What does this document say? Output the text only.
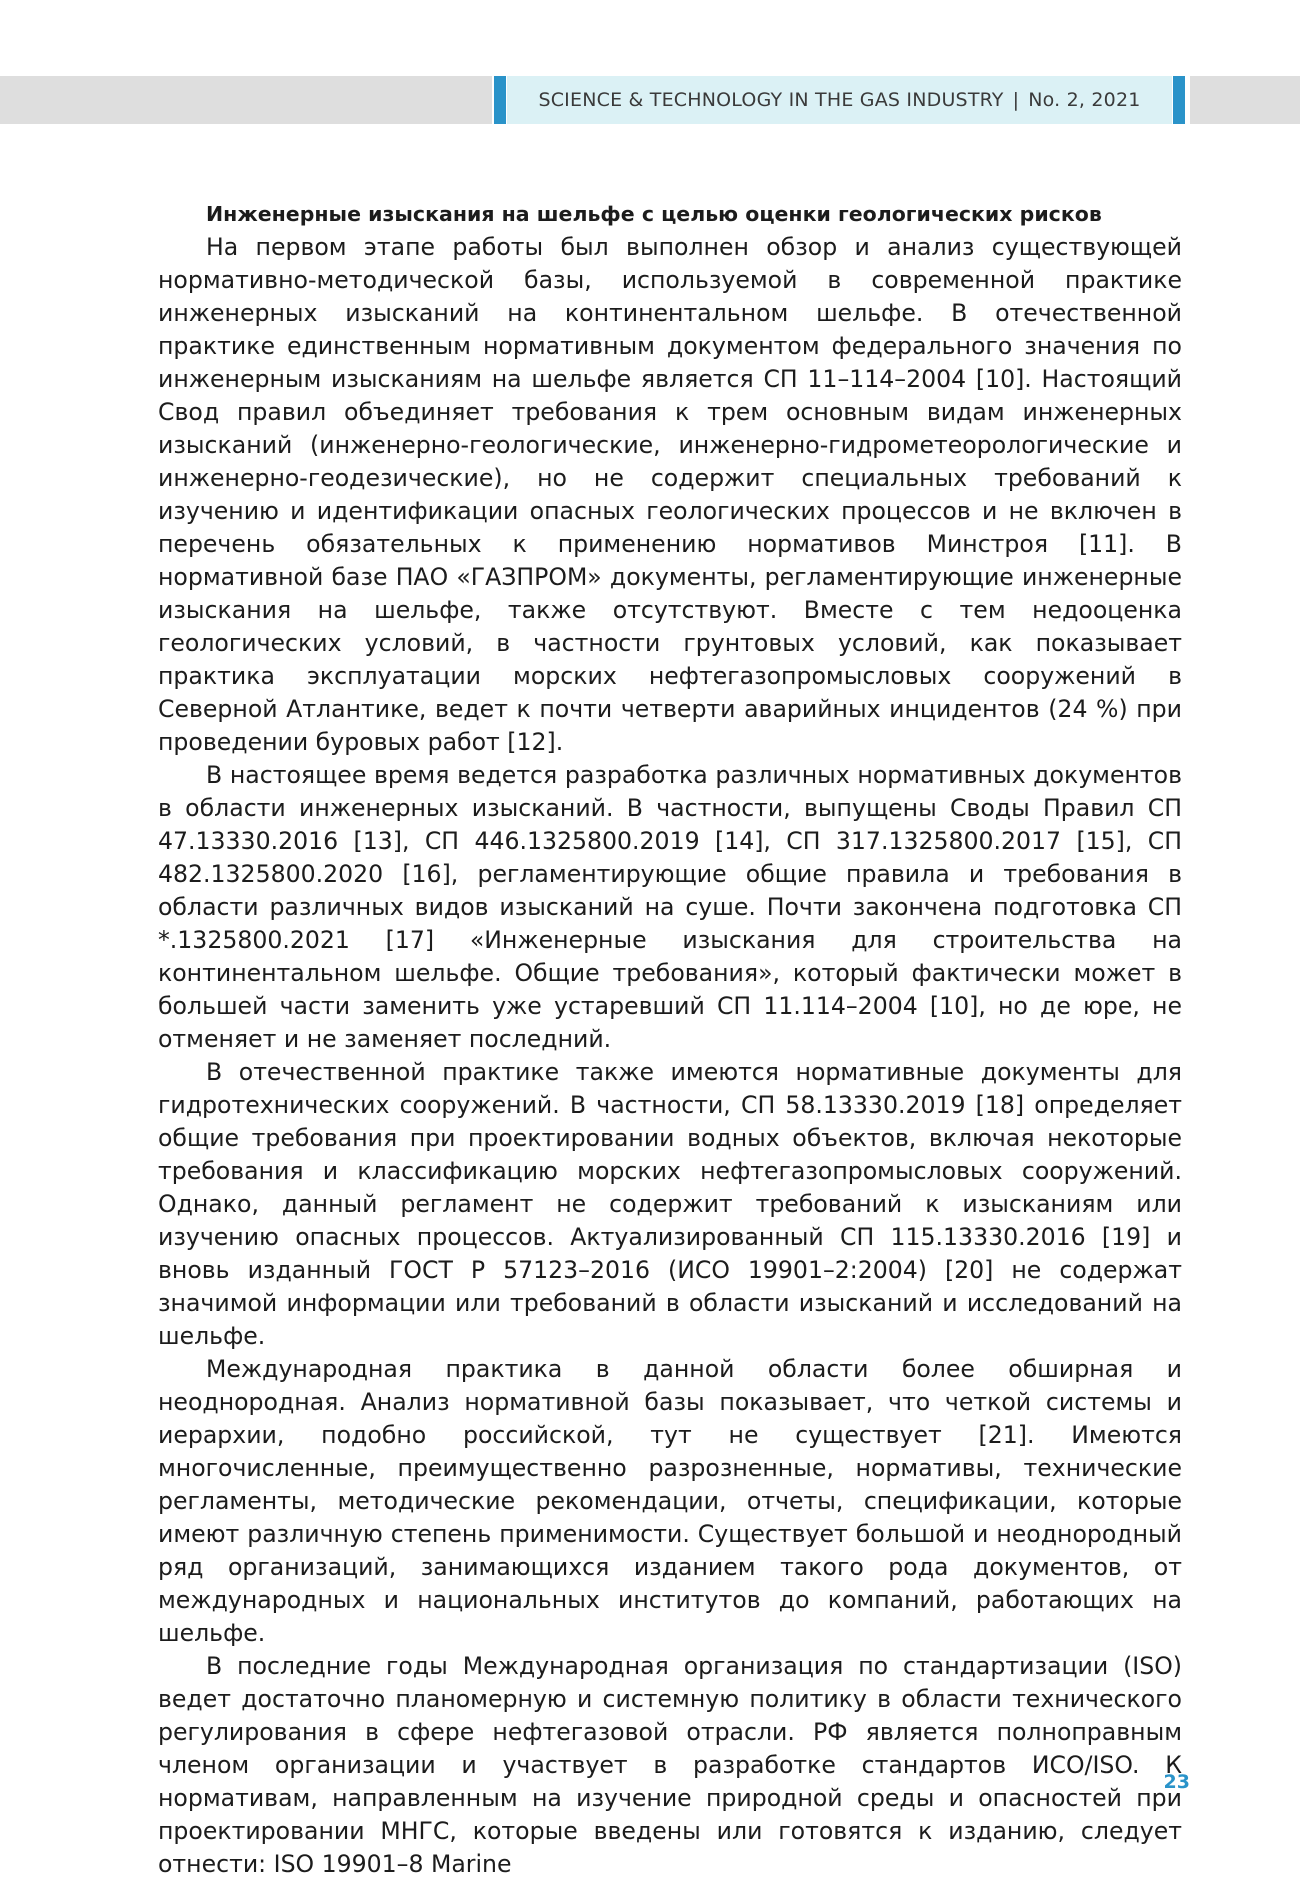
SCIENCE & TECHNOLOGY IN THE GAS INDUSTRY | No. 2, 2021
Инженерные изыскания на шельфе с целью оценки геологических рисков

На первом этапе работы был выполнен обзор и анализ существующей нормативно-методической базы, используемой в современной практике инженерных изысканий на континентальном шельфе. В отечественной практике единственным нормативным документом федерального значения по инженерным изысканиям на шельфе является СП 11–114–2004 [10]. Настоящий Свод правил объединяет требования к трем основным видам инженерных изысканий (инженерно-геологические, инженерно-гидрометеорологические и инженерно-геодезические), но не содержит специальных требований к изучению и идентификации опасных геологических процессов и не включен в перечень обязательных к применению нормативов Минстроя [11]. В нормативной базе ПАО «ГАЗПРОМ» документы, регламентирующие инженерные изыскания на шельфе, также отсутствуют. Вместе с тем недооценка геологических условий, в частности грунтовых условий, как показывает практика эксплуатации морских нефтегазопромысловых сооружений в Северной Атлантике, ведет к почти четверти аварийных инцидентов (24 %) при проведении буровых работ [12].

В настоящее время ведется разработка различных нормативных документов в области инженерных изысканий. В частности, выпущены Своды Правил СП 47.13330.2016 [13], СП 446.1325800.2019 [14], СП 317.1325800.2017 [15], СП 482.1325800.2020 [16], регламентирующие общие правила и требования в области различных видов изысканий на суше. Почти закончена подготовка СП *.1325800.2021 [17] «Инженерные изыскания для строительства на континентальном шельфе. Общие требования», который фактически может в большей части заменить уже устаревший СП 11.114–2004 [10], но де юре, не отменяет и не заменяет последний.

В отечественной практике также имеются нормативные документы для гидротехнических сооружений. В частности, СП 58.13330.2019 [18] определяет общие требования при проектировании водных объектов, включая некоторые требования и классификацию морских нефтегазопромысловых сооружений. Однако, данный регламент не содержит требований к изысканиям или изучению опасных процессов. Актуализированный СП 115.13330.2016 [19] и вновь изданный ГОСТ Р 57123–2016 (ИСО 19901–2:2004) [20] не содержат значимой информации или требований в области изысканий и исследований на шельфе.

Международная практика в данной области более обширная и неоднородная. Анализ нормативной базы показывает, что четкой системы и иерархии, подобно российской, тут не существует [21]. Имеются многочисленные, преимущественно разрозненные, нормативы, технические регламенты, методические рекомендации, отчеты, спецификации, которые имеют различную степень применимости. Существует большой и неоднородный ряд организаций, занимающихся изданием такого рода документов, от международных и национальных институтов до компаний, работающих на шельфе.

В последние годы Международная организация по стандартизации (ISO) ведет достаточно планомерную и системную политику в области технического регулирования в сфере нефтегазовой отрасли. РФ является полноправным членом организации и участвует в разработке стандартов ИСО/ISO. К нормативам, направленным на изучение природной среды и опасностей при проектировании МНГС, которые введены или готовятся к изданию, следует отнести: ISO 19901–8 Marine

23
